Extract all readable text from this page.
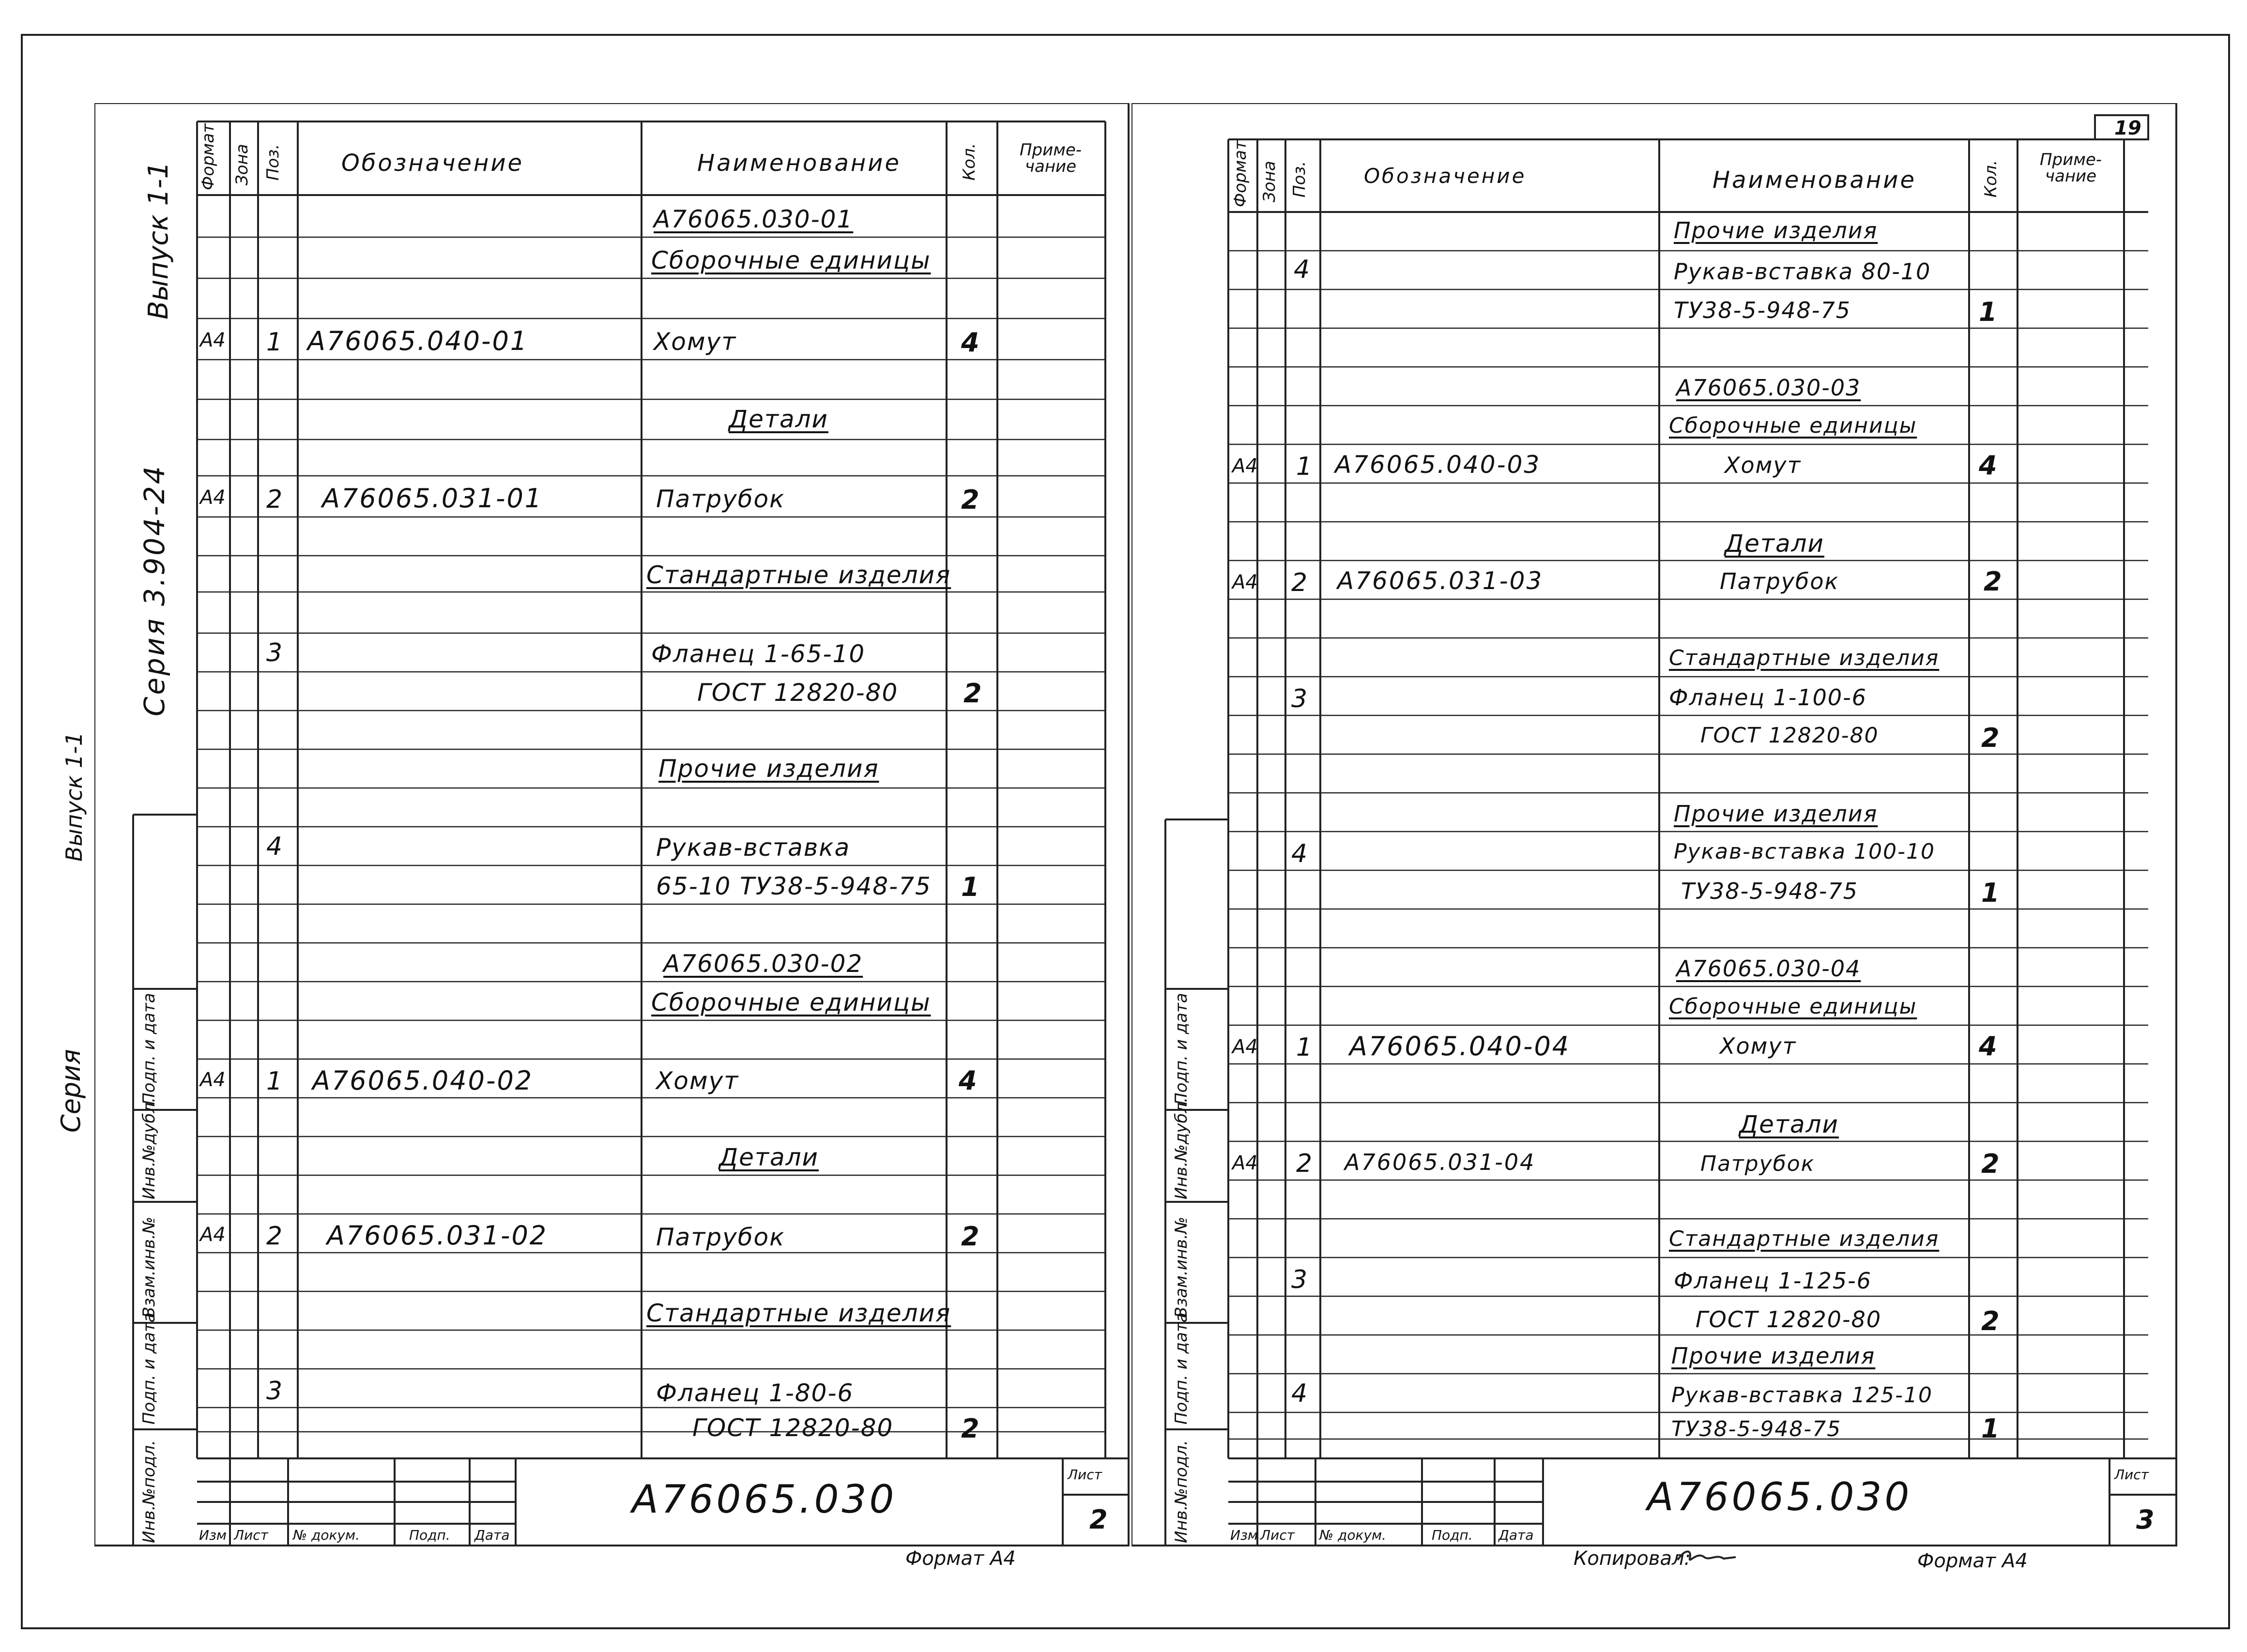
Выпуск 1-1
Серия
Выпуск 1-1
Серия 3.904-24
Формат Зона Поз.	Обозначение	Наименование	Кол.	Приме-чание
Инв.№подл.
Подп. и дата
Взам.инв.№
Инв.№дубл.
Подп. и дата
А76065.030-01
Сборочные единицы
А4 1 А76065.040-01	Хомут	4
Детали
А4 2 А76065.031-01	Патрубок	2
Стандартные изделия
3	Фланец 1-65-10
ГОСТ 12820-80 2
Прочие изделия
4	Рукав-вставка
65-10 ТУ38-5-948-75 1
А76065.030-02
Сборочные единицы
А4 1 А76065.040-02	Хомут	4
Детали
А4 2 А76065.031-02	Патрубок	2
Стандартные изделия
3	Фланец 1-80-6
ГОСТ 12820-80	2
Изм Лист № докум.	Подп. Дата
А76065.030
Лист
2
Формат А4
19
Формат Зона Поз.	Обозначение	Наименование	Кол.
Приме-чание
Инв.№подл.
Подп. и дата
Взам.инв.№
Инв.№дубл.
Подп. и дата
Прочие изделия
4	Рукав-вставка 80-10
ТУ38-5-948-75	1
А76065.030-03
Сборочные единицы
А4 1 А76065.040-03	Хомут	4
Детали
А4 2 А76065.031-03	Патрубок	2
Стандартные изделия
3	Фланец 1-100-6
ГОСТ 12820-80	2
Прочие изделия
4	Рукав-вставка 100-10
ТУ38-5-948-75	1
А76065.030-04
Сборочные единицы
А4 1 А76065.040-04	Хомут	4
Детали
А4 2 А76065.031-04	Патрубок	2
Стандартные изделия
3	Фланец 1-125-6
ГОСТ 12820-80	2
Прочие изделия
4	Рукав-вставка 125-10
ТУ38-5-948-75	1
Изм Лист № докум.	Подп. Дата
А76065.030	Лист
3
Копировал:	Формат А4
